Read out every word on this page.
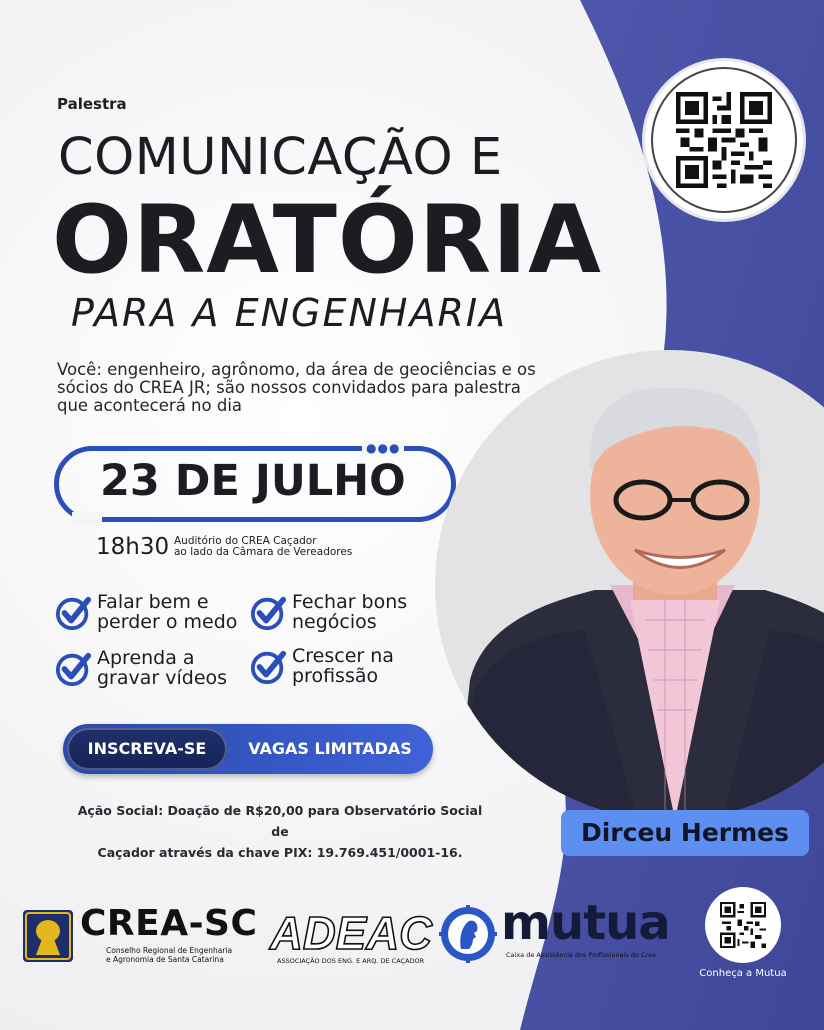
Palestra
COMUNICAÇÃO E
ORATÓRIA
PARA A ENGENHARIA
Você: engenheiro, agrônomo, da área de geociências e os sócios do CREA JR; são nossos convidados para palestra que acontecerá no dia
●●●
23 DE JULHO
18h30 Auditório do CREA Caçador
ao lado da Câmara de Vereadores
Falar bem e
perder o medo
Fechar bons
negócios
Aprenda a
gravar vídeos
Crescer na
profissão
INSCREVA-SE	VAGAS LIMITADAS
Ação Social: Doação de R$20,00 para Observatório Social de
Caçador através da chave PIX: 19.769.451/0001-16.
Dirceu Hermes
Conheça a Mutua
CREA-SC
Conselho Regional de Engenharia
e Agronomia de Santa Catarina ADEAC
ASSOCIAÇÃO DOS ENG. E ARQ. DE CAÇADOR
mutua
Caixa de Assistência dos Profissionais do Crea
